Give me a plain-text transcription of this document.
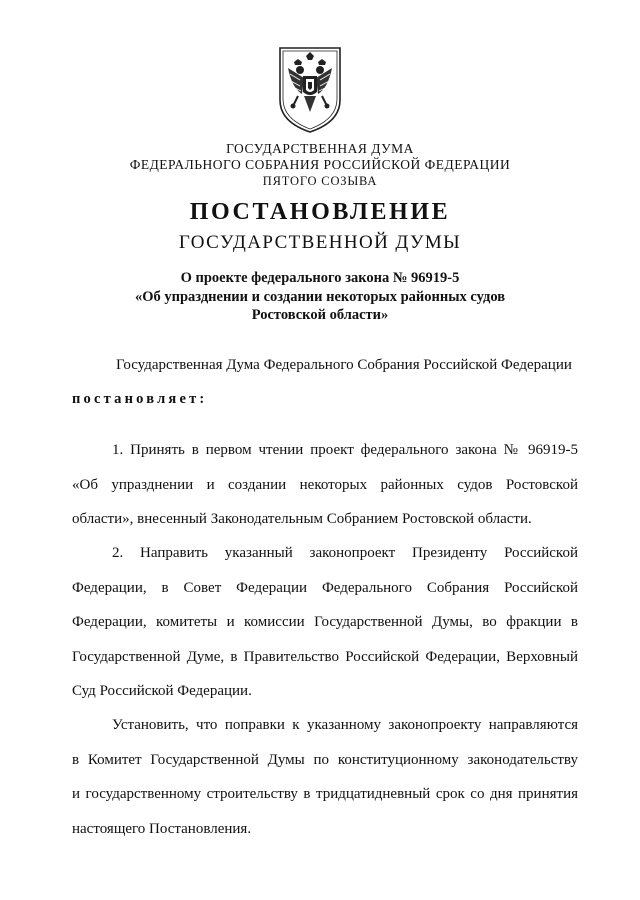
ГОСУДАРСТВЕННАЯ ДУМА
ФЕДЕРАЛЬНОГО СОБРАНИЯ РОССИЙСКОЙ ФЕДЕРАЦИИ
ПЯТОГО СОЗЫВА
ПОСТАНОВЛЕНИЕ
ГОСУДАРСТВЕННОЙ ДУМЫ
О проекте федерального закона № 96919-5
«Об упразднении и создании некоторых районных судов
Ростовской области»
Государственная Дума Федерального Собрания Российской Федерации
постановляет:
1. Принять в первом чтении проект федерального закона № 96919-5
«Об упразднении и создании некоторых районных судов Ростовской
области», внесенный Законодательным Собранием Ростовской области.
2. Направить указанный законопроект Президенту Российской
Федерации, в Совет Федерации Федерального Собрания Российской
Федерации, комитеты и комиссии Государственной Думы, во фракции в
Государственной Думе, в Правительство Российской Федерации, Верховный
Суд Российской Федерации.
Установить, что поправки к указанному законопроекту направляются
в Комитет Государственной Думы по конституционному законодательству
и государственному строительству в тридцатидневный срок со дня принятия
настоящего Постановления.
